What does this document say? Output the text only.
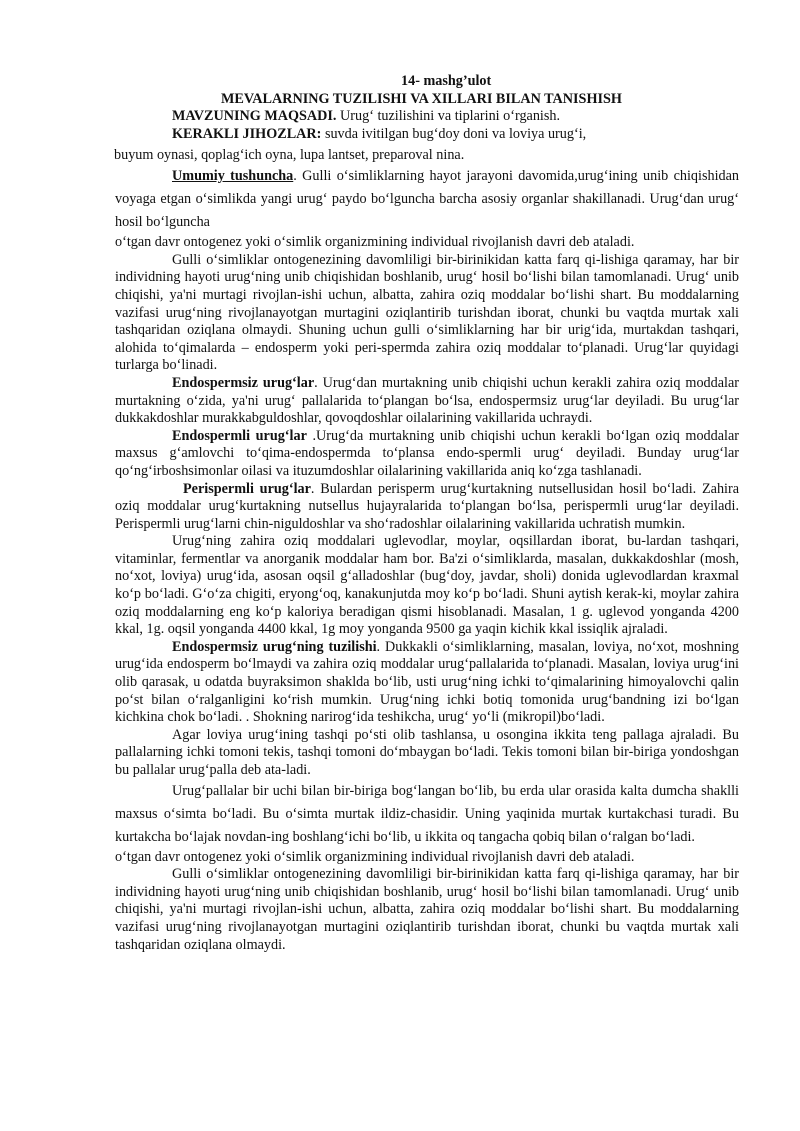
14- mashg’ulot

MEVALARNING TUZILISHI VA XILLARI BILAN TANISHISH

MAVZUNING MAQSADI. Urug‘ tuzilishini va tiplarini o‘rganish.

KERAKLI JIHOZLAR: suvda ivitilgan bug‘doy doni va loviya urug‘i,

buyum oynasi, qoplag‘ich oyna, lupa lantset, preparoval nina.

Umumiy tushuncha. Gulli o‘simliklarning hayot jarayoni davomida,urug‘ining unib chiqishidan voyaga etgan o‘simlikda yangi urug‘ paydo bo‘lguncha barcha asosiy organlar shakillanadi. Urug‘dan urug‘ hosil bo‘lguncha

o‘tgan davr ontogenez yoki o‘simlik organizmining individual rivojlanish davri deb ataladi.

Gulli o‘simliklar ontogenezining davomliligi bir-birinikidan katta farq qi-lishiga qaramay, har bir individning hayoti urug‘ning unib chiqishidan boshlanib, urug‘ hosil bo‘lishi bilan tamomlanadi. Urug‘ unib chiqishi, ya'ni murtagi rivojlan-ishi uchun, albatta, zahira oziq moddalar bo‘lishi shart. Bu moddalarning vazifasi urug‘ning rivojlanayotgan murtagini oziqlantirib turishdan iborat, chunki bu vaqtda murtak xali tashqaridan oziqlana olmaydi. Shuning uchun gulli o‘simliklarning har bir urig‘ida, murtakdan tashqari, alohida to‘qimalarda – endosperm yoki peri-spermda zahira oziq moddalar to‘planadi. Urug‘lar quyidagi turlarga bo‘linadi.

Endospermsiz urug‘lar. Urug‘dan murtakning unib chiqishi uchun kerakli zahira oziq moddalar murtakning o‘zida, ya'ni urug‘ pallalarida to‘plangan bo‘lsa, endospermsiz urug‘lar deyiladi. Bu urug‘lar dukkakdoshlar murakkabguldoshlar, qovoqdoshlar oilalarining vakillarida uchraydi.

Endospermli urug‘lar .Urug‘da murtakning unib chiqishi uchun kerakli bo‘lgan oziq moddalar maxsus g‘amlovchi to‘qima-endospermda to‘plansa endo-spermli urug‘ deyiladi. Bunday urug‘lar qo‘ng‘irboshsimonlar oilasi va ituzumdoshlar oilalarining vakillarida aniq ko‘zga tashlanadi.

Perispermli urug‘lar. Bulardan perisperm urug‘kurtakning nutsellusidan hosil bo‘ladi. Zahira oziq moddalar urug‘kurtakning nutsellus hujayralarida to‘plangan bo‘lsa, perispermli urug‘lar deyiladi. Perispermli urug‘larni chin-niguldoshlar va sho‘radoshlar oilalarining vakillarida uchratish mumkin.

Urug‘ning zahira oziq moddalari uglevodlar, moylar, oqsillardan iborat, bu-lardan tashqari, vitaminlar, fermentlar va anorganik moddalar ham bor. Ba'zi o‘simliklarda, masalan, dukkakdoshlar (mosh, no‘xot, loviya) urug‘ida, asosan oqsil g‘alladoshlar (bug‘doy, javdar, sholi) donida uglevodlardan kraxmal ko‘p bo‘ladi. G‘o‘za chigiti, eryong‘oq, kanakunjutda moy ko‘p bo‘ladi. Shuni aytish kerak-ki, moylar zahira oziq moddalarning eng ko‘p kaloriya beradigan qismi hisoblanadi. Masalan, 1 g. uglevod yonganda 4200 kkal, 1g. oqsil yonganda 4400 kkal, 1g moy yonganda 9500 ga yaqin kichik kkal issiqlik ajraladi.

Endospermsiz urug‘ning tuzilishi. Dukkakli o‘simliklarning, masalan, loviya, no‘xot, moshning urug‘ida endosperm bo‘lmaydi va zahira oziq moddalar urug‘pallalarida to‘planadi. Masalan, loviya urug‘ini olib qarasak, u odatda buyraksimon shaklda bo‘lib, usti urug‘ning ichki to‘qimalarining himoyalovchi qalin po‘st bilan o‘ralganligini ko‘rish mumkin. Urug‘ning ichki botiq tomonida urug‘bandning izi bo‘lgan kichkina chok bo‘ladi. . Shokning narirog‘ida teshikcha, urug‘ yo‘li (mikropil)bo‘ladi.

Agar loviya urug‘ining tashqi po‘sti olib tashlansa, u osongina ikkita teng pallaga ajraladi. Bu pallalarning ichki tomoni tekis, tashqi tomoni do‘mbaygan bo‘ladi. Tekis tomoni bilan bir-biriga yondoshgan bu pallalar urug‘palla deb ata-ladi.

Urug‘pallalar bir uchi bilan bir-biriga bog‘langan bo‘lib, bu erda ular orasida kalta dumcha shaklli maxsus o‘simta bo‘ladi. Bu o‘simta murtak ildiz-chasidir. Uning yaqinida murtak kurtakchasi turadi. Bu kurtakcha bo‘lajak novdan-ing boshlang‘ichi bo‘lib, u ikkita oq tangacha qobiq bilan o‘ralgan bo‘ladi.

o‘tgan davr ontogenez yoki o‘simlik organizmining individual rivojlanish davri deb ataladi.

Gulli o‘simliklar ontogenezining davomliligi bir-birinikidan katta farq qi-lishiga qaramay, har bir individning hayoti urug‘ning unib chiqishidan boshlanib, urug‘ hosil bo‘lishi bilan tamomlanadi. Urug‘ unib chiqishi, ya'ni murtagi rivojlan-ishi uchun, albatta, zahira oziq moddalar bo‘lishi shart. Bu moddalarning vazifasi urug‘ning rivojlanayotgan murtagini oziqlantirib turishdan iborat, chunki bu vaqtda murtak xali tashqaridan oziqlana olmaydi.
